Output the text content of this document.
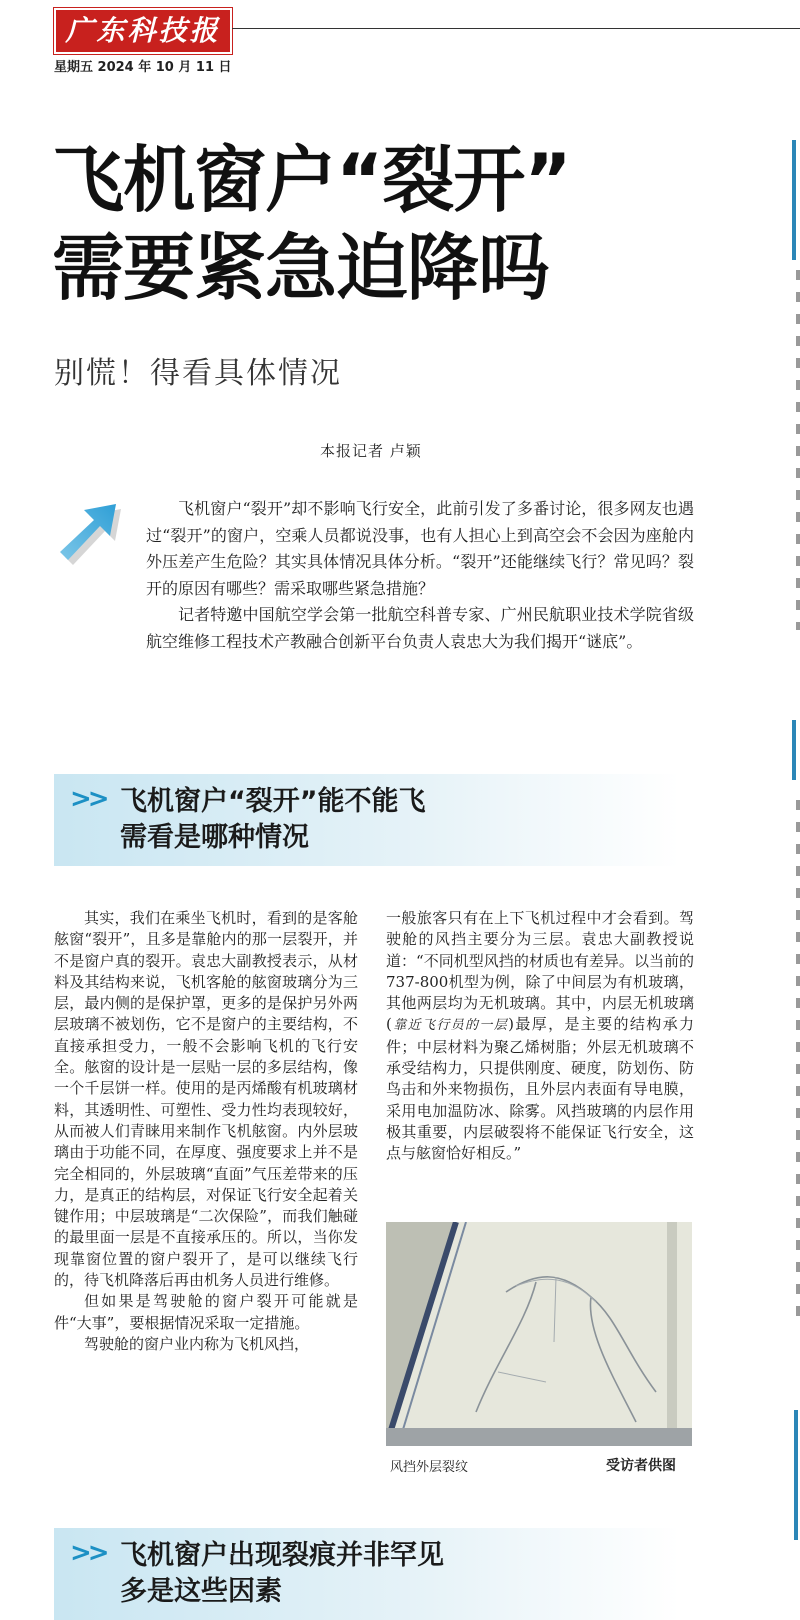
广东科技报
星期五 2024 年 10 月 11 日
飞机窗户“裂开”
需要紧急迫降吗
别慌！得看具体情况
本报记者 卢颖

飞机窗户“裂开”却不影响飞行安全，此前引发了多番讨论，很多网友也遇过“裂开”的窗户，空乘人员都说没事，也有人担心上到高空会不会因为座舱内外压差产生危险？其实具体情况具体分析。“裂开”还能继续飞行？常见吗？裂开的原因有哪些？需采取哪些紧急措施？

记者特邀中国航空学会第一批航空科普专家、广州民航职业技术学院省级航空维修工程技术产教融合创新平台负责人袁忠大为我们揭开“谜底”。

>> 飞机窗户“裂开”能不能飞
需看是哪种情况

其实，我们在乘坐飞机时，看到的是客舱舷窗“裂开”，且多是靠舱内的那一层裂开，并不是窗户真的裂开。袁忠大副教授表示，从材料及其结构来说，飞机客舱的舷窗玻璃分为三层，最内侧的是保护罩，更多的是保护另外两层玻璃不被划伤，它不是窗户的主要结构，不直接承担受力，一般不会影响飞机的飞行安全。舷窗的设计是一层贴一层的多层结构，像一个千层饼一样。使用的是丙烯酸有机玻璃材料，其透明性、可塑性、受力性均表现较好，从而被人们青睐用来制作飞机舷窗。内外层玻璃由于功能不同，在厚度、强度要求上并不是完全相同的，外层玻璃“直面”气压差带来的压力，是真正的结构层，对保证飞行安全起着关键作用；中层玻璃是“二次保险”，而我们触碰的最里面一层是不直接承压的。所以，当你发现靠窗位置的窗户裂开了，是可以继续飞行的，待飞机降落后再由机务人员进行维修。

但如果是驾驶舱的窗户裂开可能就是件“大事”，要根据情况采取一定措施。

驾驶舱的窗户业内称为飞机风挡，

一般旅客只有在上下飞机过程中才会看到。驾驶舱的风挡主要分为三层。袁忠大副教授说道：“不同机型风挡的材质也有差异。以当前的737-800机型为例，除了中间层为有机玻璃，其他两层均为无机玻璃。其中，内层无机玻璃(靠近飞行员的一层)最厚，是主要的结构承力件；中层材料为聚乙烯树脂；外层无机玻璃不承受结构力，只提供刚度、硬度，防划伤、防鸟击和外来物损伤，且外层内表面有导电膜，采用电加温防冰、除雾。风挡玻璃的内层作用极其重要，内层破裂将不能保证飞行安全，这点与舷窗恰好相反。”

风挡外层裂纹	受访者供图
>> 飞机窗户出现裂痕并非罕见
多是这些因素
